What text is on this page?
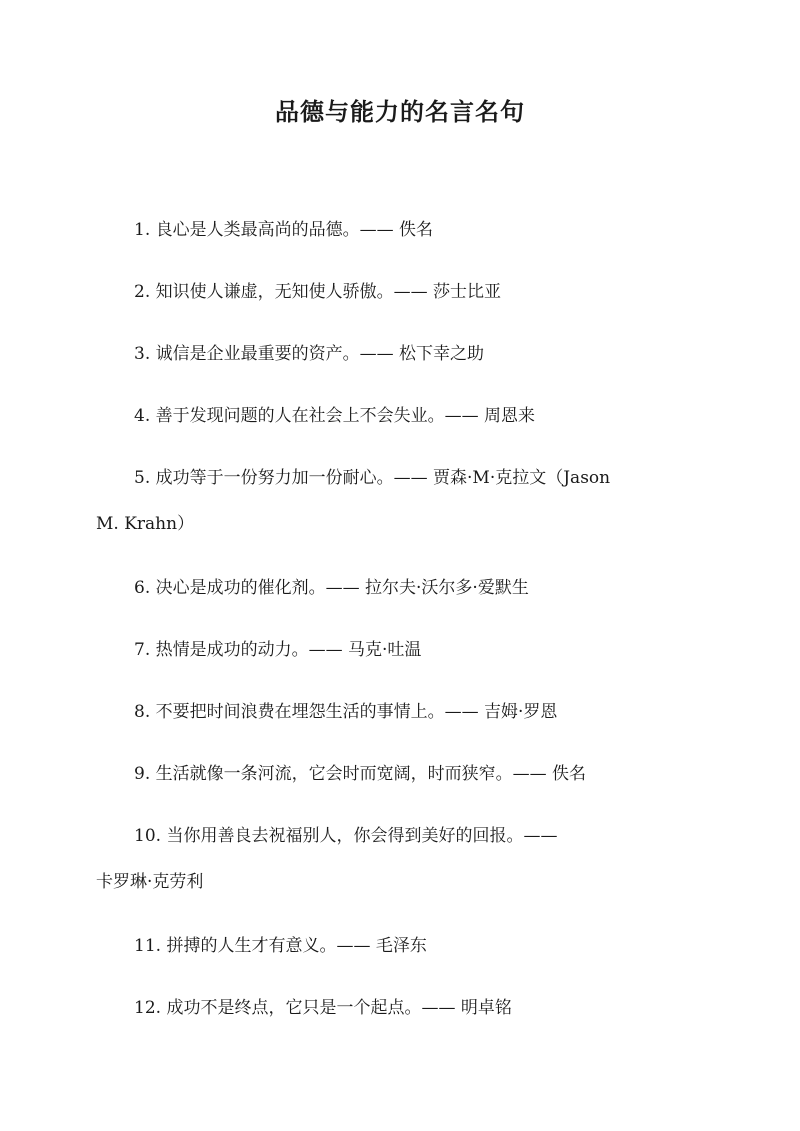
品德与能力的名言名句
1. 良心是人类最高尚的品德。—— 佚名
2. 知识使人谦虚，无知使人骄傲。—— 莎士比亚
3. 诚信是企业最重要的资产。—— 松下幸之助
4. 善于发现问题的人在社会上不会失业。—— 周恩来
5. 成功等于一份努力加一份耐心。—— 贾森·M·克拉文（Jason
M. Krahn）
6. 决心是成功的催化剂。—— 拉尔夫·沃尔多·爱默生
7. 热情是成功的动力。—— 马克·吐温
8. 不要把时间浪费在埋怨生活的事情上。—— 吉姆·罗恩
9. 生活就像一条河流，它会时而宽阔，时而狭窄。—— 佚名
10. 当你用善良去祝福别人，你会得到美好的回报。——
卡罗琳·克劳利
11. 拼搏的人生才有意义。—— 毛泽东
12. 成功不是终点，它只是一个起点。—— 明卓铭
